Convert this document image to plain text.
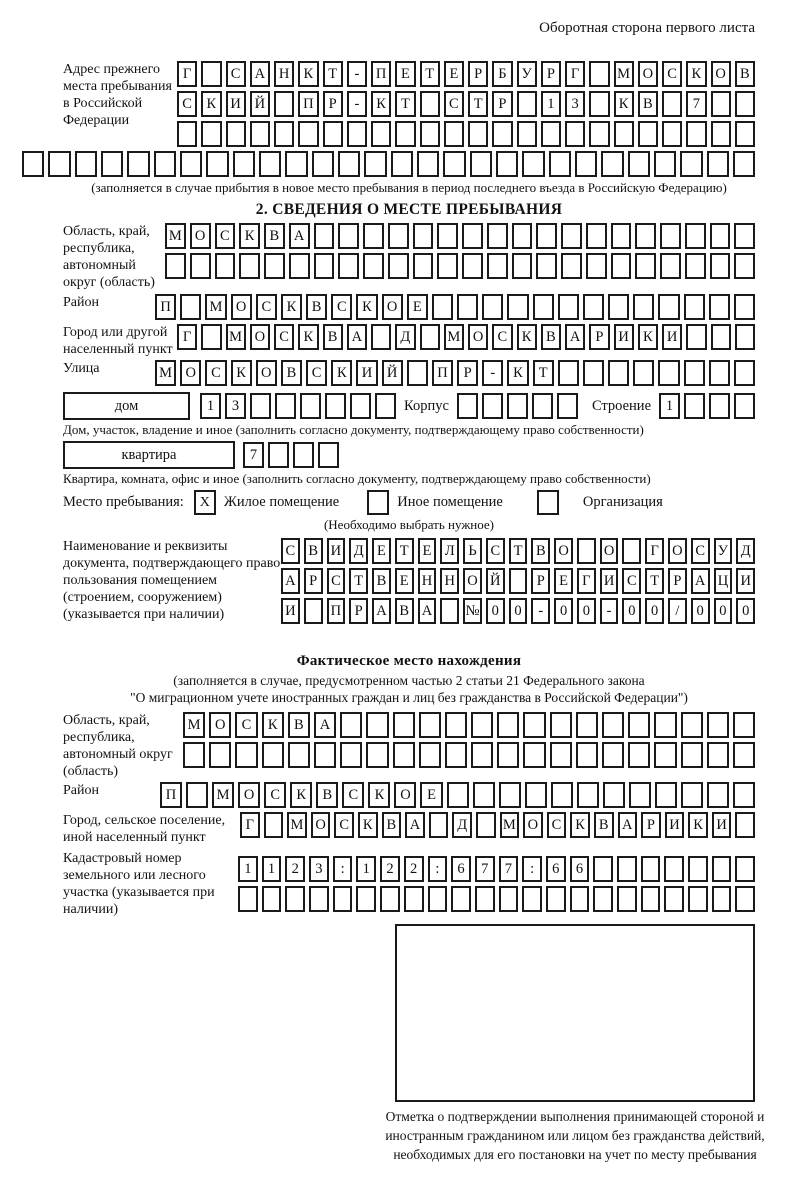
Оборотная сторона первого листа
Адрес прежнего места пребывания в Российской Федерации
Г	С А Н К	Т	-	П	Е	Т	Е	Р	Б	У	Р	Г	М О С	К О В
С	К И Й	П	Р	-	К	Т	С	Т	Р	1	3	К	В	7
(заполняется в случае прибытия в новое место пребывания в период последнего въезда в Российскую Федерацию)
2. СВЕДЕНИЯ О МЕСТЕ ПРЕБЫВАНИЯ
Область, край, республика, автономный округ (область)
М О	С	К	В	А
Район	П	М О	С	К	В	С	К	О	Е
Город или другой населенный пункт
Г	М О С	К	В А	Д	М О С	К	В А	Р	И К И
Улица	М О	С	К	О	В	С	К	И	Й	П	Р	-	К	Т
дом	1	3	Корпус	Строение	1
Дом, участок, владение и иное (заполнить согласно документу, подтверждающему право собственности)
квартира	7
Квартира, комната, офис и иное (заполнить согласно документу, подтверждающему право собственности)
Место пребывания:	X Жилое помещение	Иное помещение	Организация
(Необходимо выбрать нужное)
Наименование и реквизиты документа, подтверждающего право пользования помещением (строением, сооружением) (указывается при наличии)
С В И Д Е Т Е Л Ь С Т В О О	Г О С У Д
А Р С Т В Е Н Н О Й	Р Е Г И С Т Р А Ц И
И П Р А В А № 0	0	-	0	0	-	0	0	/	0	0	0
Фактическое место нахождения
(заполняется в случае, предусмотренном частью 2 статьи 21 Федерального закона
"О миграционном учете иностранных граждан и лиц без гражданства в Российской Федерации")
Область, край, республика, автономный округ (область)
М О	С	К	В	А
Район	П	М О	С	К	В	С	К	О	Е
Город, сельское поселение, иной населенный пункт
Г	М О С К В А	Д	М О С К В А Р И К И
Кадастровый номер земельного или лесного участка (указывается при наличии)
1	1	2	3	:	1	2	2	:	6	7	7	:	6	6
Отметка о подтверждении выполнения принимающей стороной и иностранным гражданином или лицом без гражданства действий, необходимых для его постановки на учет по месту пребывания
